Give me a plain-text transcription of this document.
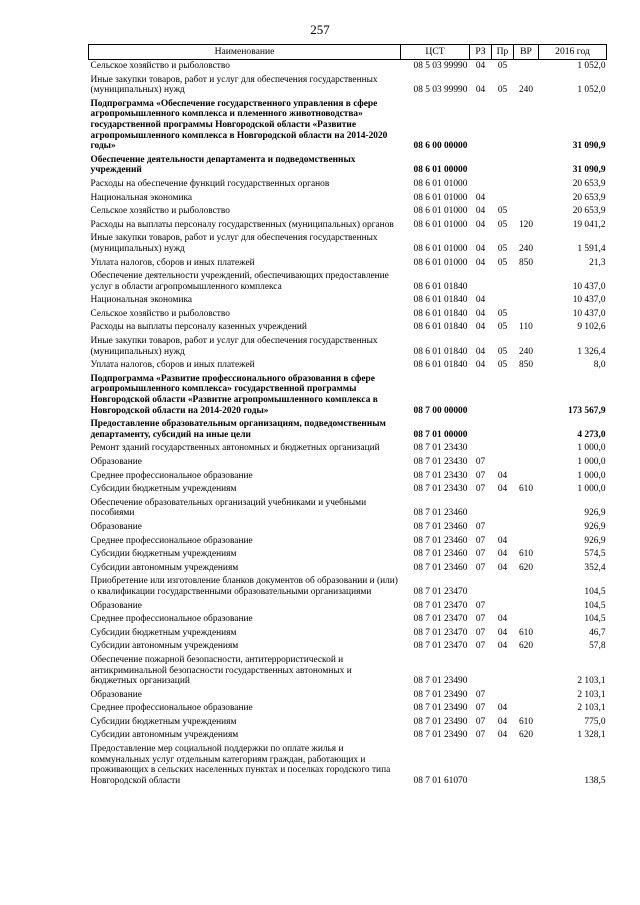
257
Наименование	ЦСТ	РЗ	Пр	ВР	2016 год
Сельское хозяйство и рыболовство	08 5 03 99990	04	05		1 052,0
Иные закупки товаров, работ и услуг для обеспечения государственных (муниципальных) нужд	08 5 03 99990	04	05	240	1 052,0
Подпрограмма «Обеспечение государственного управления в сфере агропромышленного комплекса и племенного животноводства» государственной программы Новгородской области «Развитие агропромышленного комплекса в Новгородской области на 2014-2020 годы»	08 6 00 00000				31 090,9
Обеспечение деятельности департамента и подведомственных учреждений	08 6 01 00000				31 090,9
Расходы на обеспечение функций государственных органов	08 6 01 01000				20 653,9
Национальная экономика	08 6 01 01000	04			20 653,9
Сельское хозяйство и рыболовство	08 6 01 01000	04	05		20 653,9
Расходы на выплаты персоналу государственных (муниципальных) органов	08 6 01 01000	04	05	120	19 041,2
Иные закупки товаров, работ и услуг для обеспечения государственных (муниципальных) нужд	08 6 01 01000	04	05	240	1 591,4
Уплата налогов, сборов и иных платежей	08 6 01 01000	04	05	850	21,3
Обеспечение деятельности учреждений, обеспечивающих предоставление услуг в области агропромышленного комплекса	08 6 01 01840				10 437,0
Национальная экономика	08 6 01 01840	04			10 437,0
Сельское хозяйство и рыболовство	08 6 01 01840	04	05		10 437,0
Расходы на выплаты персоналу казенных учреждений	08 6 01 01840	04	05	110	9 102,6
Иные закупки товаров, работ и услуг для обеспечения государственных (муниципальных) нужд	08 6 01 01840	04	05	240	1 326,4
Уплата налогов, сборов и иных платежей	08 6 01 01840	04	05	850	8,0
Подпрограмма «Развитие профессионального образования в сфере агропромышленного комплекса» государственной программы Новгородской области «Развитие агропромышленного комплекса в Новгородской области на 2014-2020 годы»	08 7 00 00000				173 567,9
Предоставление образовательным организациям, подведомственным департаменту, субсидий на иные цели	08 7 01 00000				4 273,0
Ремонт зданий государственных автономных и бюджетных организаций	08 7 01 23430				1 000,0
Образование	08 7 01 23430	07			1 000,0
Среднее профессиональное образование	08 7 01 23430	07	04		1 000,0
Субсидии бюджетным учреждениям	08 7 01 23430	07	04	610	1 000,0
Обеспечение образовательных организаций учебниками и учебными пособиями	08 7 01 23460				926,9
Образование	08 7 01 23460	07			926,9
Среднее профессиональное образование	08 7 01 23460	07	04		926,9
Субсидии бюджетным учреждениям	08 7 01 23460	07	04	610	574,5
Субсидии автономным учреждениям	08 7 01 23460	07	04	620	352,4
Приобретение или изготовление бланков документов об образовании и (или) о квалификации государственными образовательными организациями	08 7 01 23470				104,5
Образование	08 7 01 23470	07			104,5
Среднее профессиональное образование	08 7 01 23470	07	04		104,5
Субсидии бюджетным учреждениям	08 7 01 23470	07	04	610	46,7
Субсидии автономным учреждениям	08 7 01 23470	07	04	620	57,8
Обеспечение пожарной безопасности, антитеррористической и антикриминальной безопасности государственных автономных и бюджетных организаций	08 7 01 23490				2 103,1
Образование	08 7 01 23490	07			2 103,1
Среднее профессиональное образование	08 7 01 23490	07	04		2 103,1
Субсидии бюджетным учреждениям	08 7 01 23490	07	04	610	775,0
Субсидии автономным учреждениям	08 7 01 23490	07	04	620	1 328,1
Предоставление мер социальной поддержки по оплате жилья и коммунальных услуг отдельным категориям граждан, работающих и проживающих в сельских населенных пунктах и поселках городского типа Новгородской области	08 7 01 61070				138,5
